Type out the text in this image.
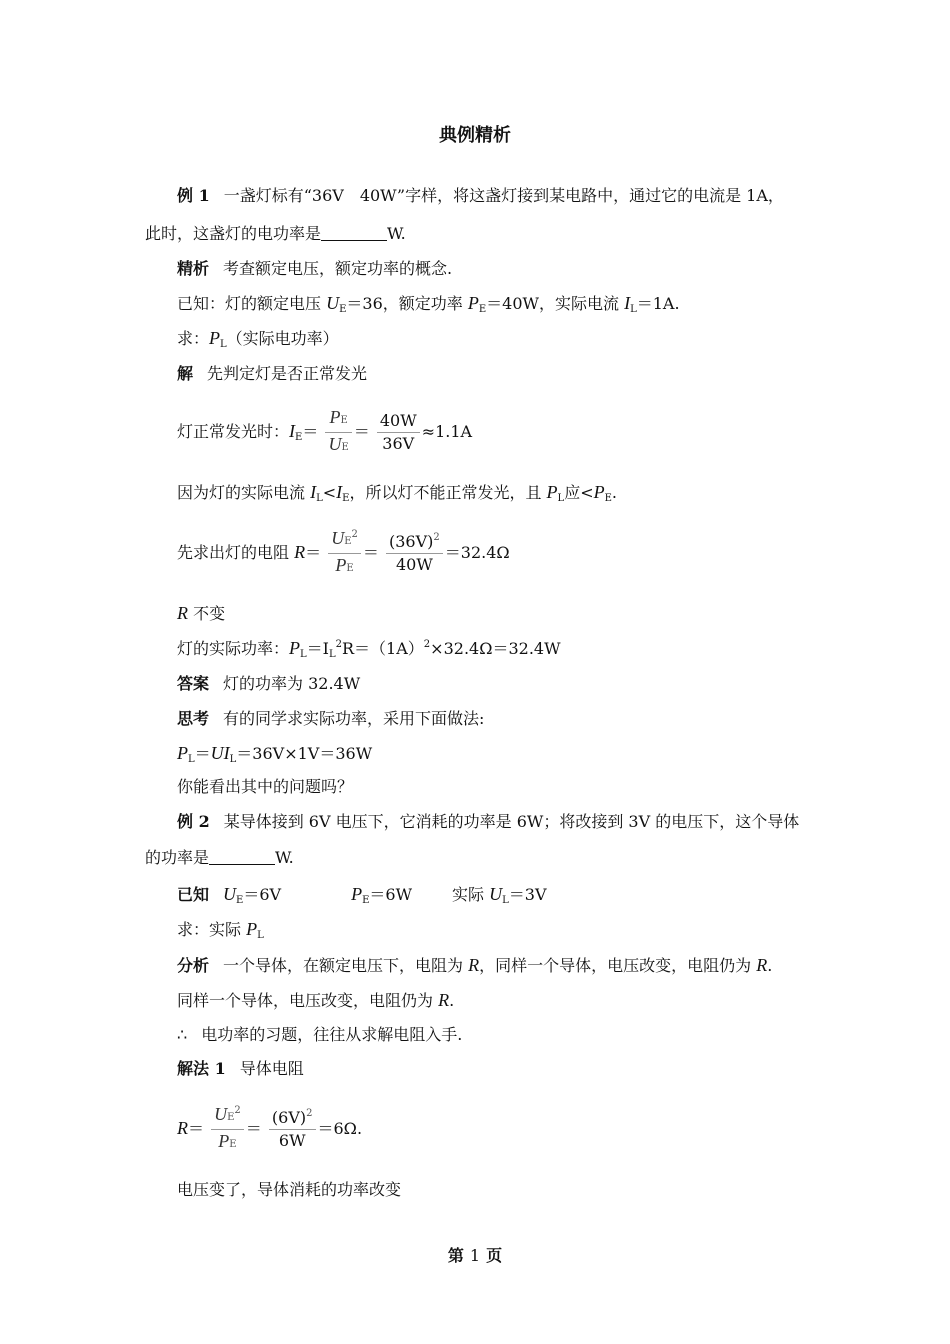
典例精析
例 1 一盏灯标有“36V　40W”字样，将这盏灯接到某电路中，通过它的电流是 1A，
此时，这盏灯的电功率是	W.
精析 考查额定电压，额定功率的概念.
已知：灯的额定电压 $U_E=36$，额定功率 $P_E=40W$，实际电流 $I_L=1A$.
求：$P_L$（实际电功率）
解 先判定灯是否正常发光
灯正常发光时：$I_E= \frac{PE}{UE} = \frac{40W}{36V} \approx 1.1A$
因为灯的实际电流 $I_L<I_E$，所以灯不能正常发光，且 $P_L$应$<P_E$.
先求出灯的电阻 $R= \frac{UE^2}{PE} = \frac{(36V)^2}{40W} =32.4\Omega$
R 不变
灯的实际功率：$P_L=I_L^2R=(1A)^2\times 32.4\Omega=32.4W$
答案 灯的功率为 32.4W
思考 有的同学求实际功率，采用下面做法:
$P_L=UI_L=36V\times 1V=36W$
你能看出其中的问题吗？
例 2 某导体接到 6V 电压下，它消耗的功率是 6W；将改接到 3V 的电压下，这个导体
的功率是	W.
已知 $U_E=6V$	$P_E=6W$	实际 $U_L=3V$
求：实际 $P_L$
分析 一个导体，在额定电压下，电阻为 R，同样一个导体，电压改变，电阻仍为 R.
同样一个导体，电压改变，电阻仍为 R.
∴ 电功率的习题，往往从求解电阻入手.
解法 1 导体电阻
$R= \frac{UE^2}{PE} = \frac{(6V)^2}{6W} =6\Omega$.
电压变了，导体消耗的功率改变
第 1 页
